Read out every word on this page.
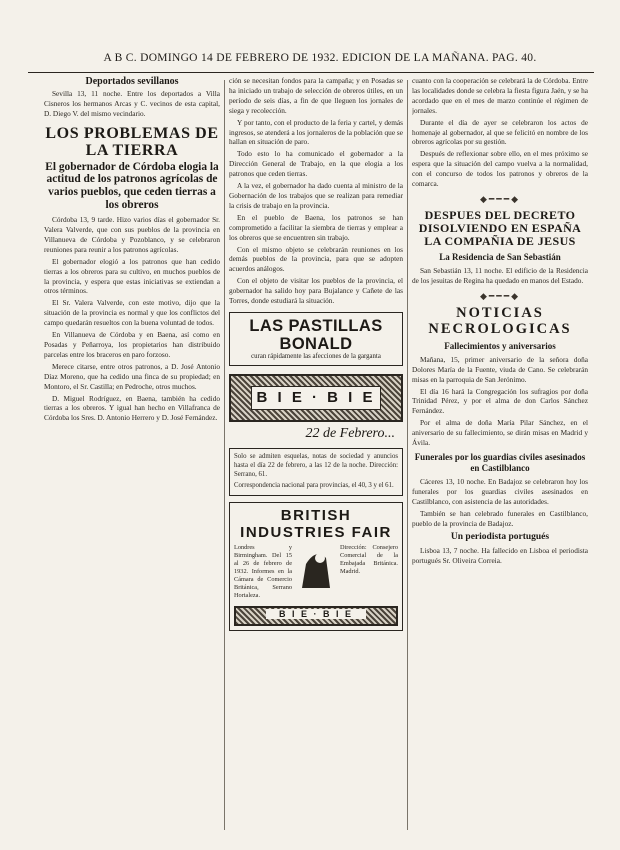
A B C. DOMINGO 14 DE FEBRERO DE 1932. EDICION DE LA MAÑANA. PAG. 40.
Deportados sevillanos

Sevilla 13, 11 noche. Entre los deportados a Villa Cisneros los hermanos Arcas y C. vecinos de esta capital, D. Diego V. del mismo vecindario.

LOS PROBLEMAS DE LA TIERRA
El gobernador de Córdoba elogia la actitud de los patronos agrícolas de varios pueblos, que ceden tierras a los obreros

Córdoba 13, 9 tarde. Hizo varios días el gobernador Sr. Valera Valverde, que con sus pueblos de la provincia en Villanueva de Córdoba y Pozoblanco, y se celebraron reuniones para reunir a los patronos agrícolas.

El gobernador elogió a los patronos que han cedido tierras a los obreros para su cultivo, en muchos pueblos de la provincia, y espera que estas iniciativas se extiendan a otros términos.

El Sr. Valera Valverde, con este motivo, dijo que la situación de la provincia es normal y que los conflictos del campo quedarán resueltos con la buena voluntad de todos.

En Villanueva de Córdoba y en Baena, así como en Posadas y Peñarroya, los propietarios han distribuido parcelas entre los braceros en paro forzoso.

Merece citarse, entre otros patronos, a D. José Antonio Díaz Moreno, que ha cedido una finca de su propiedad; en Montoro, el Sr. Castilla; en Pedroche, otros muchos.

D. Miguel Rodríguez, en Baena, también ha cedido tierras a los obreros. Y igual han hecho en Villafranca de Córdoba los Sres. D. Antonio Herrero y D. José Fernández.

ción se necesitan fondos para la campaña; y en Posadas se ha iniciado un trabajo de selección de obreros útiles, en un período de seis días, a fin de que lleguen los jornales de siega y recolección.

Y por tanto, con el producto de la feria y cartel, y demás ingresos, se atenderá a los jornaleros de la población que se hallan en situación de paro.

Todo esto lo ha comunicado el gobernador a la Dirección General de Trabajo, en la que elogia a los patronos que ceden tierras.

A la vez, el gobernador ha dado cuenta al ministro de la Gobernación de los trabajos que se realizan para remediar la crisis de trabajo en la provincia.

En el pueblo de Baena, los patronos se han comprometido a facilitar la siembra de tierras y emplear a los obreros que se encuentren sin trabajo.

Con el mismo objeto se celebrarán reuniones en los demás pueblos de la provincia, para que se adopten acuerdos análogos.

Con el objeto de visitar los pueblos de la provincia, el gobernador ha salido hoy para Bujalance y Cañete de las Torres, donde estudiará la situación.

LAS PASTILLAS BONALD
curan rápidamente las afecciones de la garganta
B I E · B I E
22 de Febrero...

Solo se admiten esquelas, notas de sociedad y anuncios hasta el día 22 de febrero, a las 12 de la noche. Dirección: Serrano, 61.

Correspondencia nacional para provincias, el 40, 3 y el 61.

BRITISH INDUSTRIES FAIR

Londres y Birmingham. Del 15 al 26 de febrero de 1932. Informes en la Cámara de Comercio Británica, Serrano Hortaleza.

Dirección: Consejero Comercial de la Embajada Británica. Madrid.

B I E · B I E

cuanto con la cooperación se celebrará la de Córdoba. Entre las localidades donde se celebra la fiesta figura Jaén, y se ha acordado que en el mes de marzo continúe el régimen de jornales.

Durante el día de ayer se celebraron los actos de homenaje al gobernador, al que se felicitó en nombre de los obreros agrícolas por su gestión.

Después de reflexionar sobre ello, en el mes próximo se espera que la situación del campo vuelva a la normalidad, con el concurso de todos los patronos y obreros de la comarca.

◆━━━◆
DESPUES DEL DECRETO DISOLVIENDO EN ESPAÑA LA COMPAÑIA DE JESUS
La Residencia de San Sebastián

San Sebastián 13, 11 noche. El edificio de la Residencia de los jesuitas de Regina ha quedado en manos del Estado.

◆━━━◆
NOTICIAS NECROLOGICAS
Fallecimientos y aniversarios

Mañana, 15, primer aniversario de la señora doña Dolores María de la Fuente, viuda de Cano. Se celebrarán misas en la parroquia de San Jerónimo.

El día 16 hará la Congregación los sufragios por doña Trinidad Pérez, y por el alma de don Carlos Sánchez Fernández.

Por el alma de doña María Pilar Sánchez, en el aniversario de su fallecimiento, se dirán misas en Madrid y Ávila.

Funerales por los guardias civiles asesinados en Castilblanco

Cáceres 13, 10 noche. En Badajoz se celebraron hoy los funerales por los guardias civiles asesinados en Castilblanco, con asistencia de las autoridades.

También se han celebrado funerales en Castilblanco, pueblo de la provincia de Badajoz.

Un periodista portugués

Lisboa 13, 7 noche. Ha fallecido en Lisboa el periodista portugués Sr. Oliveira Correia.
